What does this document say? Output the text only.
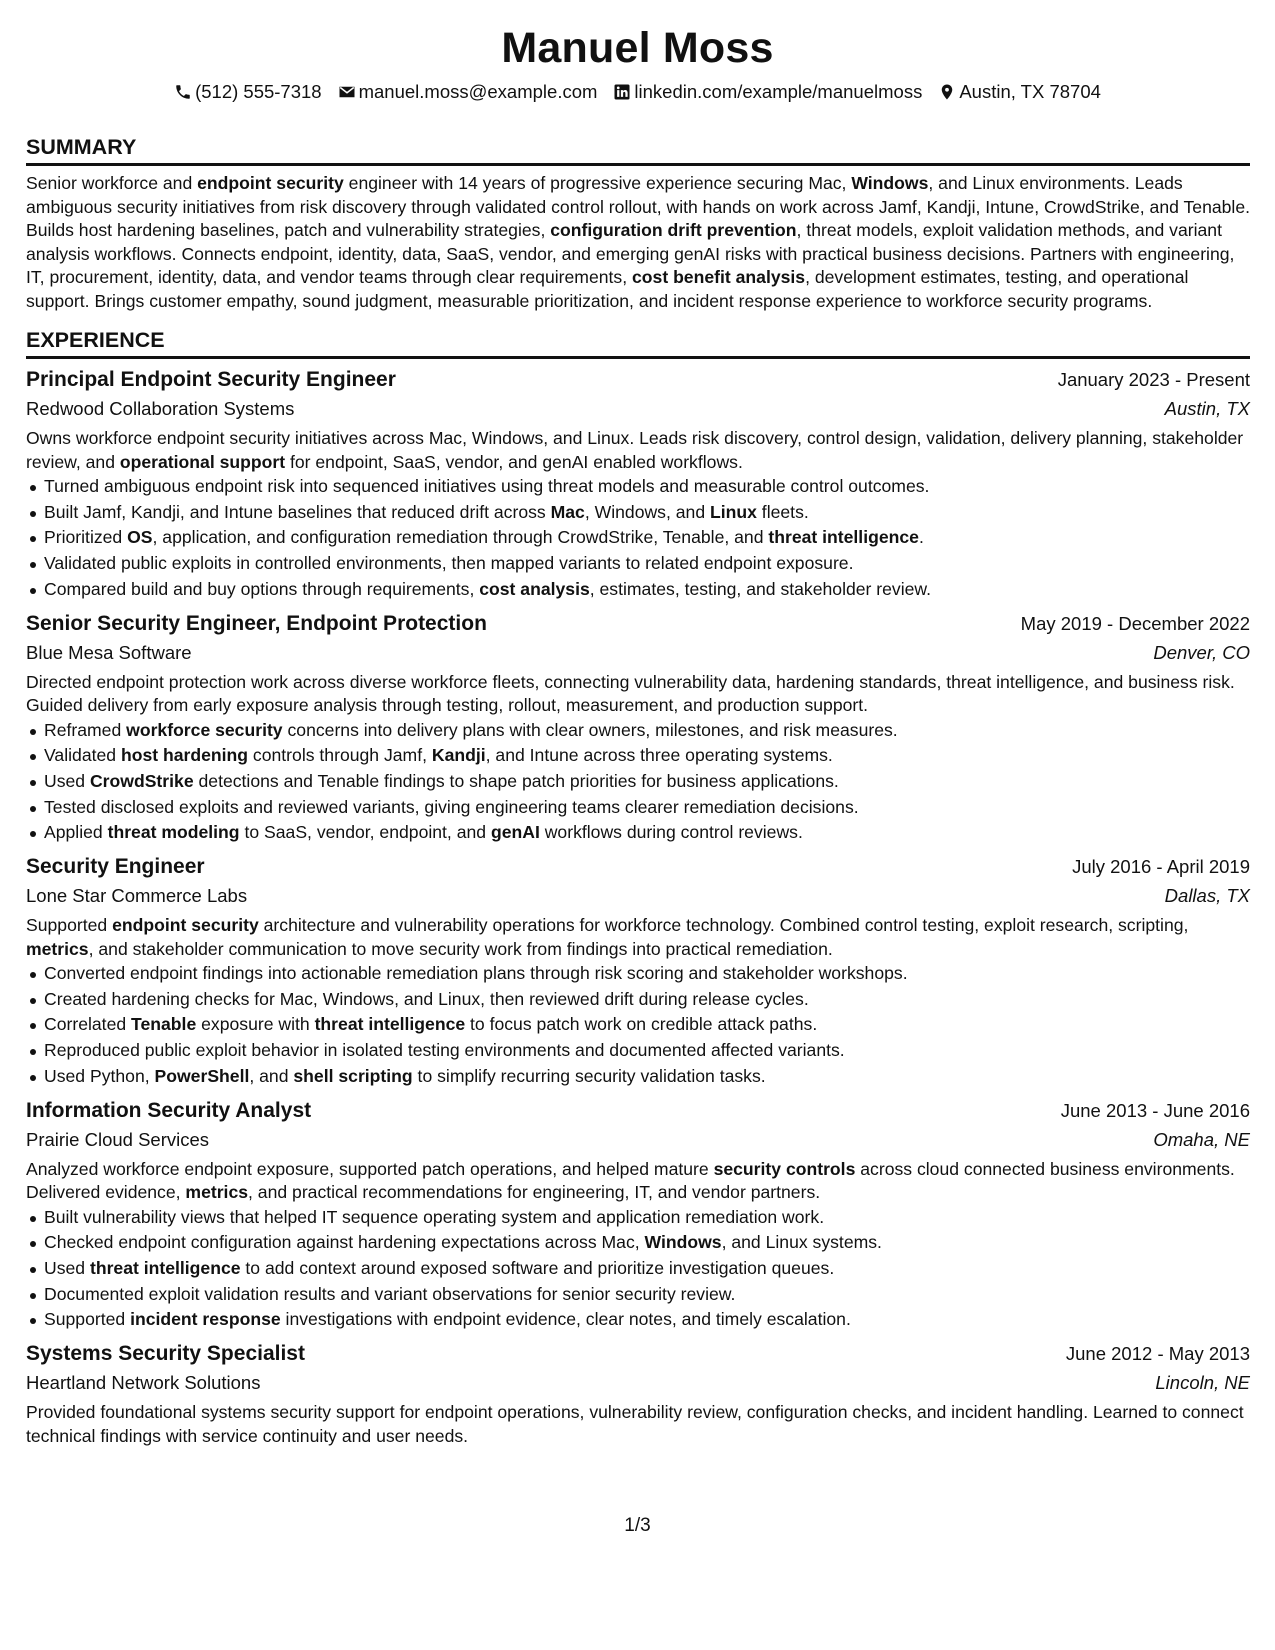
Manuel Moss
(512) 555-7318 manuel.moss@example.com linkedin.com/example/manuelmoss Austin, TX 78704
SUMMARY

Senior workforce and endpoint security engineer with 14 years of progressive experience securing Mac, Windows, and Linux environments. Leads ambiguous security initiatives from risk discovery through validated control rollout, with hands on work across Jamf, Kandji, Intune, CrowdStrike, and Tenable. Builds host hardening baselines, patch and vulnerability strategies, configuration drift prevention, threat models, exploit validation methods, and variant analysis workflows. Connects endpoint, identity, data, SaaS, vendor, and emerging genAI risks with practical business decisions. Partners with engineering, IT, procurement, identity, data, and vendor teams through clear requirements, cost benefit analysis, development estimates, testing, and operational support. Brings customer empathy, sound judgment, measurable prioritization, and incident response experience to workforce security programs.

EXPERIENCE
Principal Endpoint Security Engineer	January 2023 - Present
Redwood Collaboration Systems	Austin, TX

Owns workforce endpoint security initiatives across Mac, Windows, and Linux. Leads risk discovery, control design, validation, delivery planning, stakeholder review, and operational support for endpoint, SaaS, vendor, and genAI enabled workflows.

Turned ambiguous endpoint risk into sequenced initiatives using threat models and measurable control outcomes.
Built Jamf, Kandji, and Intune baselines that reduced drift across Mac, Windows, and Linux fleets.
Prioritized OS, application, and configuration remediation through CrowdStrike, Tenable, and threat intelligence.
Validated public exploits in controlled environments, then mapped variants to related endpoint exposure.
Compared build and buy options through requirements, cost analysis, estimates, testing, and stakeholder review.
Senior Security Engineer, Endpoint Protection	May 2019 - December 2022
Blue Mesa Software	Denver, CO

Directed endpoint protection work across diverse workforce fleets, connecting vulnerability data, hardening standards, threat intelligence, and business risk. Guided delivery from early exposure analysis through testing, rollout, measurement, and production support.

Reframed workforce security concerns into delivery plans with clear owners, milestones, and risk measures.
Validated host hardening controls through Jamf, Kandji, and Intune across three operating systems.
Used CrowdStrike detections and Tenable findings to shape patch priorities for business applications.
Tested disclosed exploits and reviewed variants, giving engineering teams clearer remediation decisions.
Applied threat modeling to SaaS, vendor, endpoint, and genAI workflows during control reviews.
Security Engineer	July 2016 - April 2019
Lone Star Commerce Labs	Dallas, TX

Supported endpoint security architecture and vulnerability operations for workforce technology. Combined control testing, exploit research, scripting, metrics, and stakeholder communication to move security work from findings into practical remediation.

Converted endpoint findings into actionable remediation plans through risk scoring and stakeholder workshops.
Created hardening checks for Mac, Windows, and Linux, then reviewed drift during release cycles.
Correlated Tenable exposure with threat intelligence to focus patch work on credible attack paths.
Reproduced public exploit behavior in isolated testing environments and documented affected variants.
Used Python, PowerShell, and shell scripting to simplify recurring security validation tasks.
Information Security Analyst	June 2013 - June 2016
Prairie Cloud Services	Omaha, NE

Analyzed workforce endpoint exposure, supported patch operations, and helped mature security controls across cloud connected business environments. Delivered evidence, metrics, and practical recommendations for engineering, IT, and vendor partners.

Built vulnerability views that helped IT sequence operating system and application remediation work.
Checked endpoint configuration against hardening expectations across Mac, Windows, and Linux systems.
Used threat intelligence to add context around exposed software and prioritize investigation queues.
Documented exploit validation results and variant observations for senior security review.
Supported incident response investigations with endpoint evidence, clear notes, and timely escalation.
Systems Security Specialist	June 2012 - May 2013
Heartland Network Solutions	Lincoln, NE

Provided foundational systems security support for endpoint operations, vulnerability review, configuration checks, and incident handling. Learned to connect technical findings with service continuity and user needs.

1/3
